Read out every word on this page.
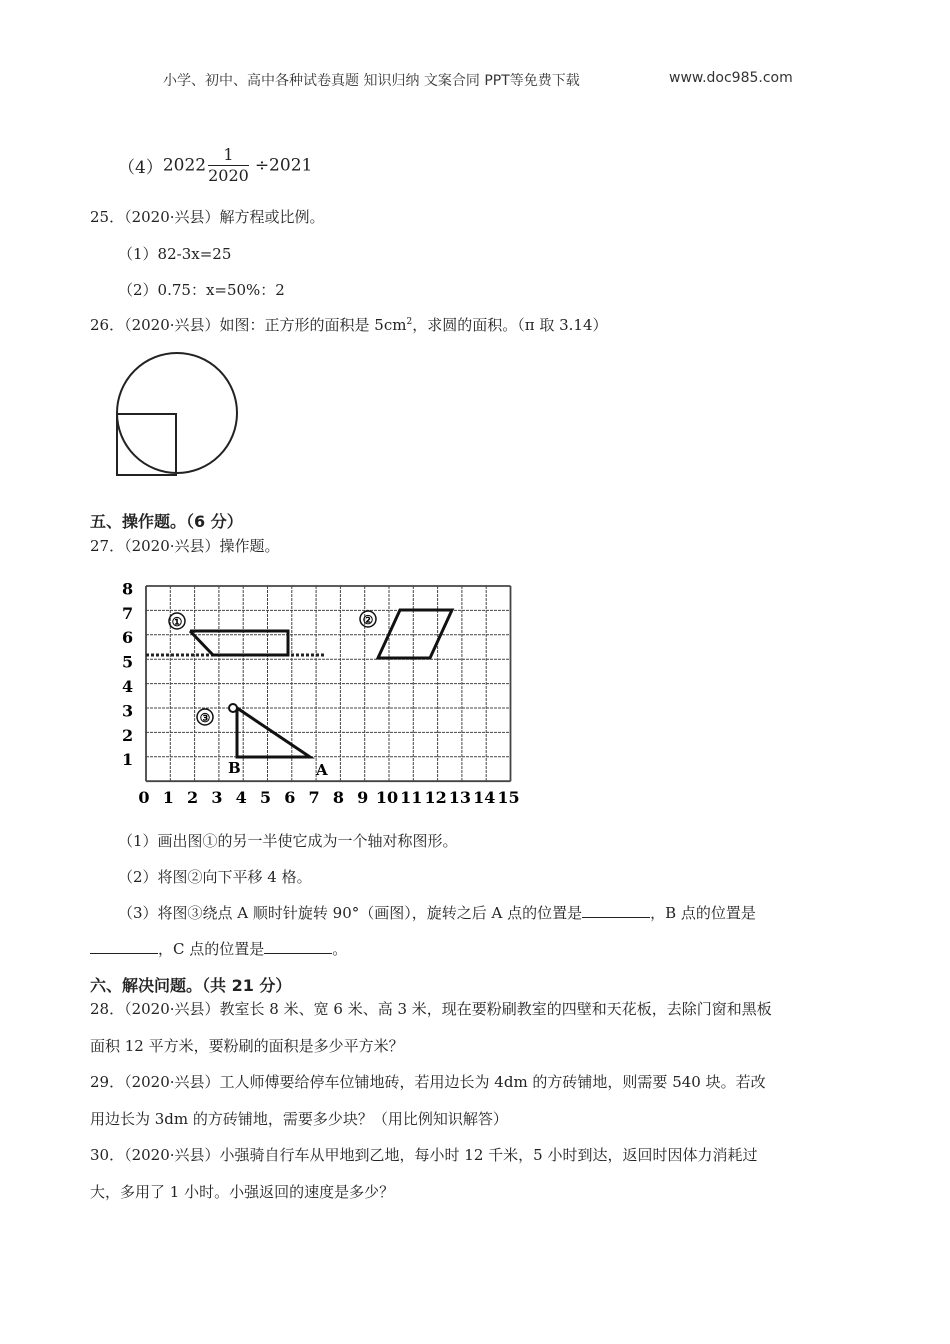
小学、初中、高中各种试卷真题 知识归纳 文案合同 PPT等免费下载	www.doc985.com
$(4)2022 \frac{1}{2020} \div 2021$
25．（2020·兴县）解方程或比例。
（1）82-3x=25
（2）0.75：x=50%：2
26．（2020·兴县）如图：正方形的面积是 $5cm^2$，求圆的面积。（π 取 3.14）
五、操作题。（6 分）
27．（2020·兴县）操作题。
0 1 2 3 4 5 6 7 8 9 10 11 12 13 14 15
1
2
3
4
5
6
7
8
①	②
③
B	A
（1）画出图①的另一半使它成为一个轴对称图形。
（2）将图②向下平移 4 格。
（3）将图③绕点 A 顺时针旋转 90°（画图），旋转之后 A 点的位置是	，B 点的位置是
，C 点的位置是	。
六、解决问题。（共 21 分）
28．（2020·兴县）教室长 8 米、宽 6 米、高 3 米，现在要粉刷教室的四壁和天花板，去除门窗和黑板
面积 12 平方米，要粉刷的面积是多少平方米？
29．（2020·兴县）工人师傅要给停车位铺地砖，若用边长为 4dm 的方砖铺地，则需要 540 块。若改
用边长为 3dm 的方砖铺地，需要多少块？（用比例知识解答）
30．（2020·兴县）小强骑自行车从甲地到乙地，每小时 12 千米，5 小时到达，返回时因体力消耗过
大，多用了 1 小时。小强返回的速度是多少？
